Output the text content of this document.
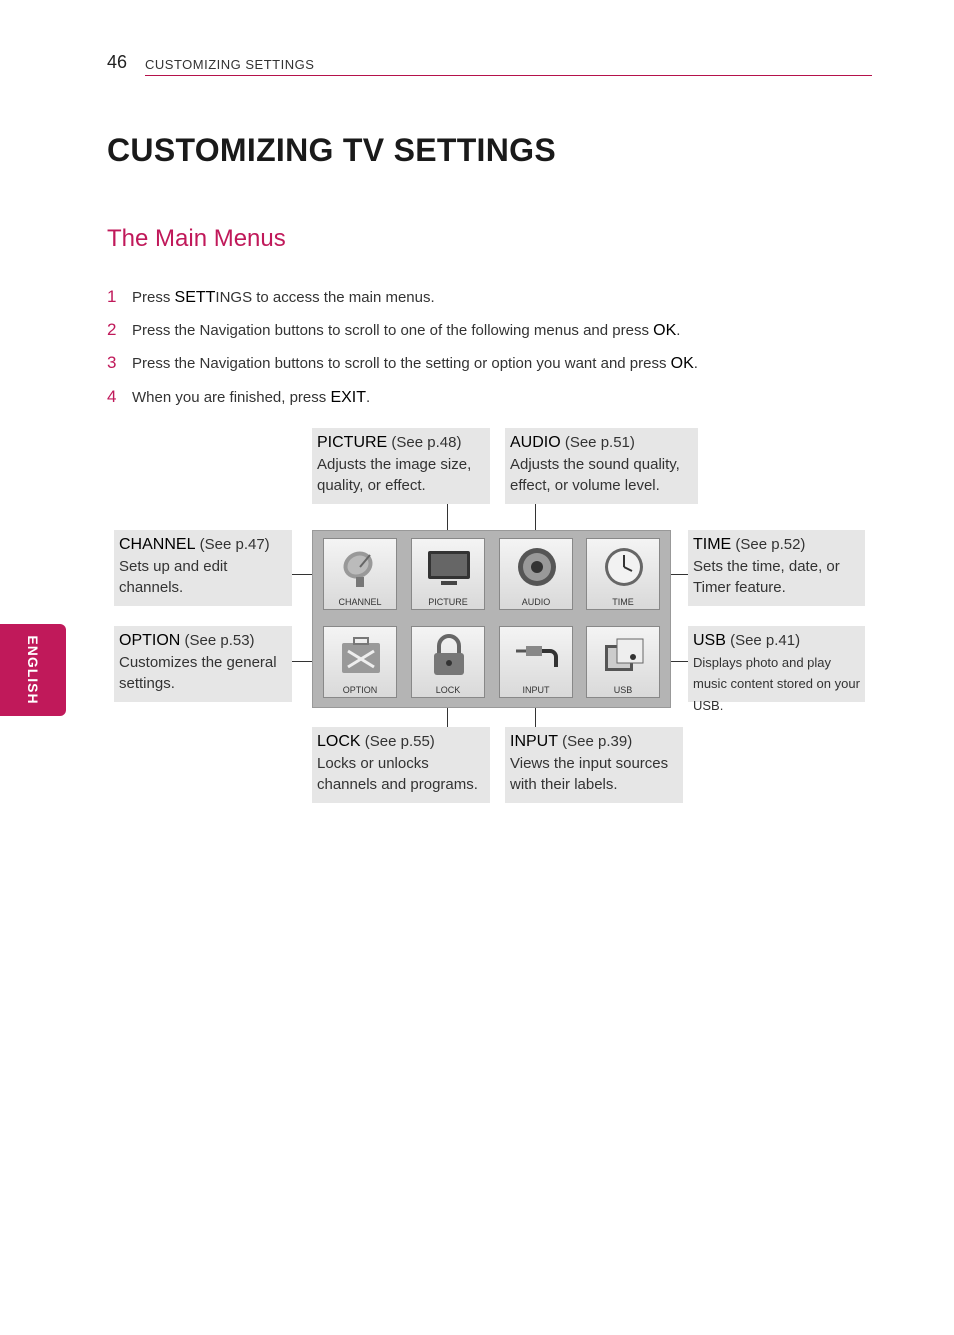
46 CUSTOMIZING SETTINGS
CUSTOMIZING TV SETTINGS
The Main Menus
ENGLISH
1 Press SETTINGS to access the main menus.
2 Press the Navigation buttons to scroll to one of the following menus and press OK.
3 Press the Navigation buttons to scroll to the setting or option you want and press OK.
4 When you are finished, press EXIT.
PICTURE (See p.48)
Adjusts the image size, quality, or effect.
AUDIO (See p.51)
Adjusts the sound quality, effect, or volume level.
CHANNEL (See p.47)
Sets up and edit channels.
TIME (See p.52)
Sets the time, date, or Timer feature.
OPTION (See p.53)
Customizes the general settings.
USB (See p.41)
Displays photo and play music content stored on your USB.
LOCK (See p.55)
Locks or unlocks channels and programs.
INPUT (See p.39)
Views the input sources with their labels.
CHANNEL	PICTURE	AUDIO	TIME
OPTION	LOCK	INPUT	USB
